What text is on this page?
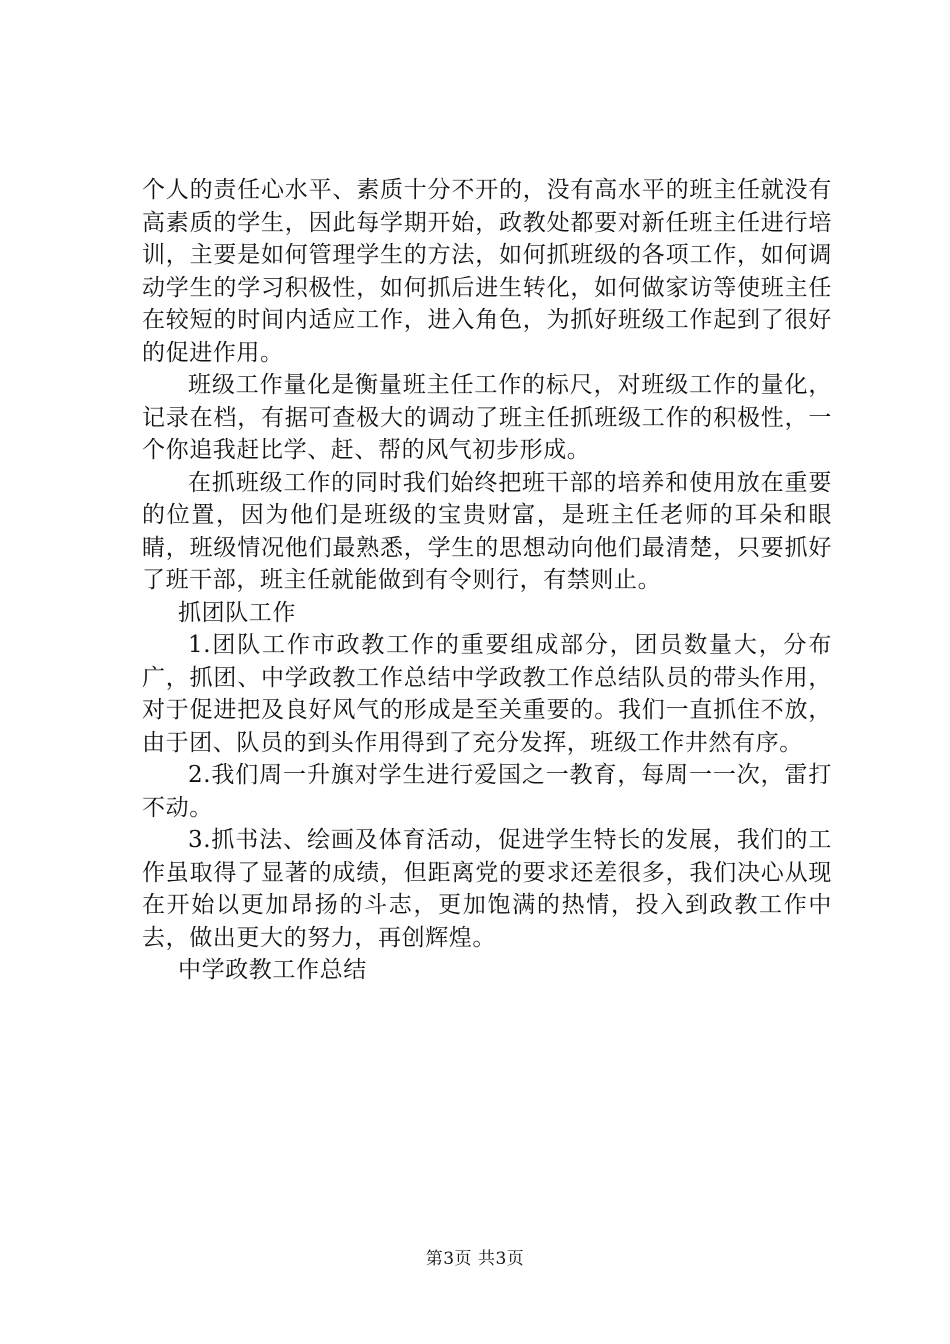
个人的责任心水平、素质十分不开的，没有高水平的班主任就没有高素质的学生，因此每学期开始，政教处都要对新任班主任进行培训，主要是如何管理学生的方法，如何抓班级的各项工作，如何调动学生的学习积极性，如何抓后进生转化，如何做家访等使班主任在较短的时间内适应工作，进入角色，为抓好班级工作起到了很好的促进作用。

班级工作量化是衡量班主任工作的标尺，对班级工作的量化，记录在档，有据可查极大的调动了班主任抓班级工作的积极性，一个你追我赶比学、赶、帮的风气初步形成。

在抓班级工作的同时我们始终把班干部的培养和使用放在重要的位置，因为他们是班级的宝贵财富，是班主任老师的耳朵和眼睛，班级情况他们最熟悉，学生的思想动向他们最清楚，只要抓好了班干部，班主任就能做到有令则行，有禁则止。

抓团队工作

1.团队工作市政教工作的重要组成部分，团员数量大，分布广，抓团、中学政教工作总结中学政教工作总结队员的带头作用，对于促进把及良好风气的形成是至关重要的。我们一直抓住不放，由于团、队员的到头作用得到了充分发挥，班级工作井然有序。

2.我们周一升旗对学生进行爱国之一教育，每周一一次，雷打不动。

3.抓书法、绘画及体育活动，促进学生特长的发展，我们的工作虽取得了显著的成绩，但距离党的要求还差很多，我们决心从现在开始以更加昂扬的斗志，更加饱满的热情，投入到政教工作中去，做出更大的努力，再创辉煌。

中学政教工作总结

第3页 共3页
